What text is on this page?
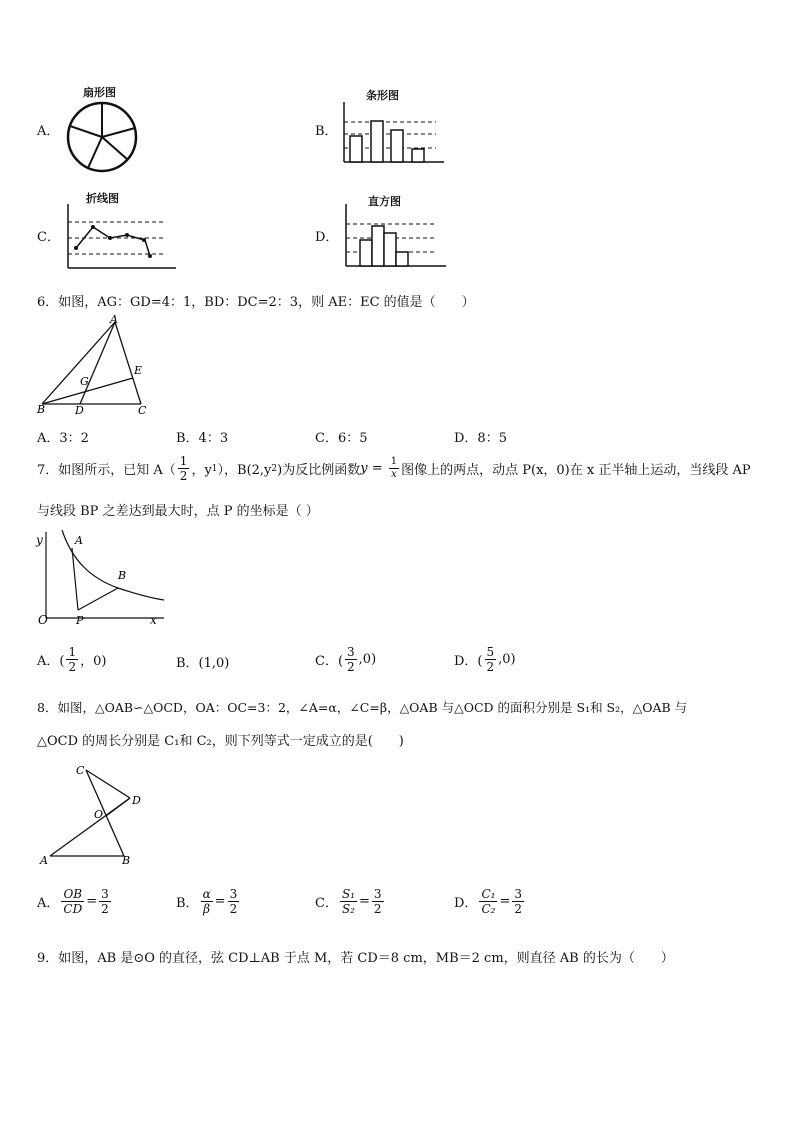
A．
扇形图
B．
条形图
C．
折线图
D．
直方图
6．如图，AG：GD=4：1，BD：DC=2：3，则 AE：EC 的值是（　　）
A
B	C
D
E
G
A．3：2	B．4：3	C．6：5	D．8：5
7．如图所示，已知 $A( \frac{1}{2}$ ，y 1 ），B(2,y 2 )为反比例函数 $y = \frac{1}{x}$ 图像上的两点，动点 P(x，0)在 x 正半轴上运动，当线段 AP
与线段 BP 之差达到最大时，点 P 的坐标是（ ）
y
x
O
A
B
P
A．( $\frac{1}{2}$ ，0)	B．(1,0)	C．( $\frac{3}{2} ,0$)	D．( $\frac{5}{2} ,0$)
8．如图，△OAB∽△OCD，OA：OC=3：2，∠A=α，∠C=β，△OAB 与△OCD 的面积分别是 S₁和 S₂，△OAB 与
△OCD 的周长分别是 C₁和 C₂，则下列等式一定成立的是(　　)
C
D
O
A	B
A． $\frac{OB}{CD} = \frac{3}{2}$	B． $\frac{\alpha}{\beta} = \frac{3}{2}$	C． $\frac{\text{S₁}}{\text{S₂}} = \frac{3}{2}$	D． $\frac{\text{C₁}}{\text{C₂}} = \frac{3}{2}$
9．如图，AB 是⊙O 的直径，弦 CD⊥AB 于点 M，若 CD＝8 cm，MB＝2 cm，则直径 AB 的长为（　　）
